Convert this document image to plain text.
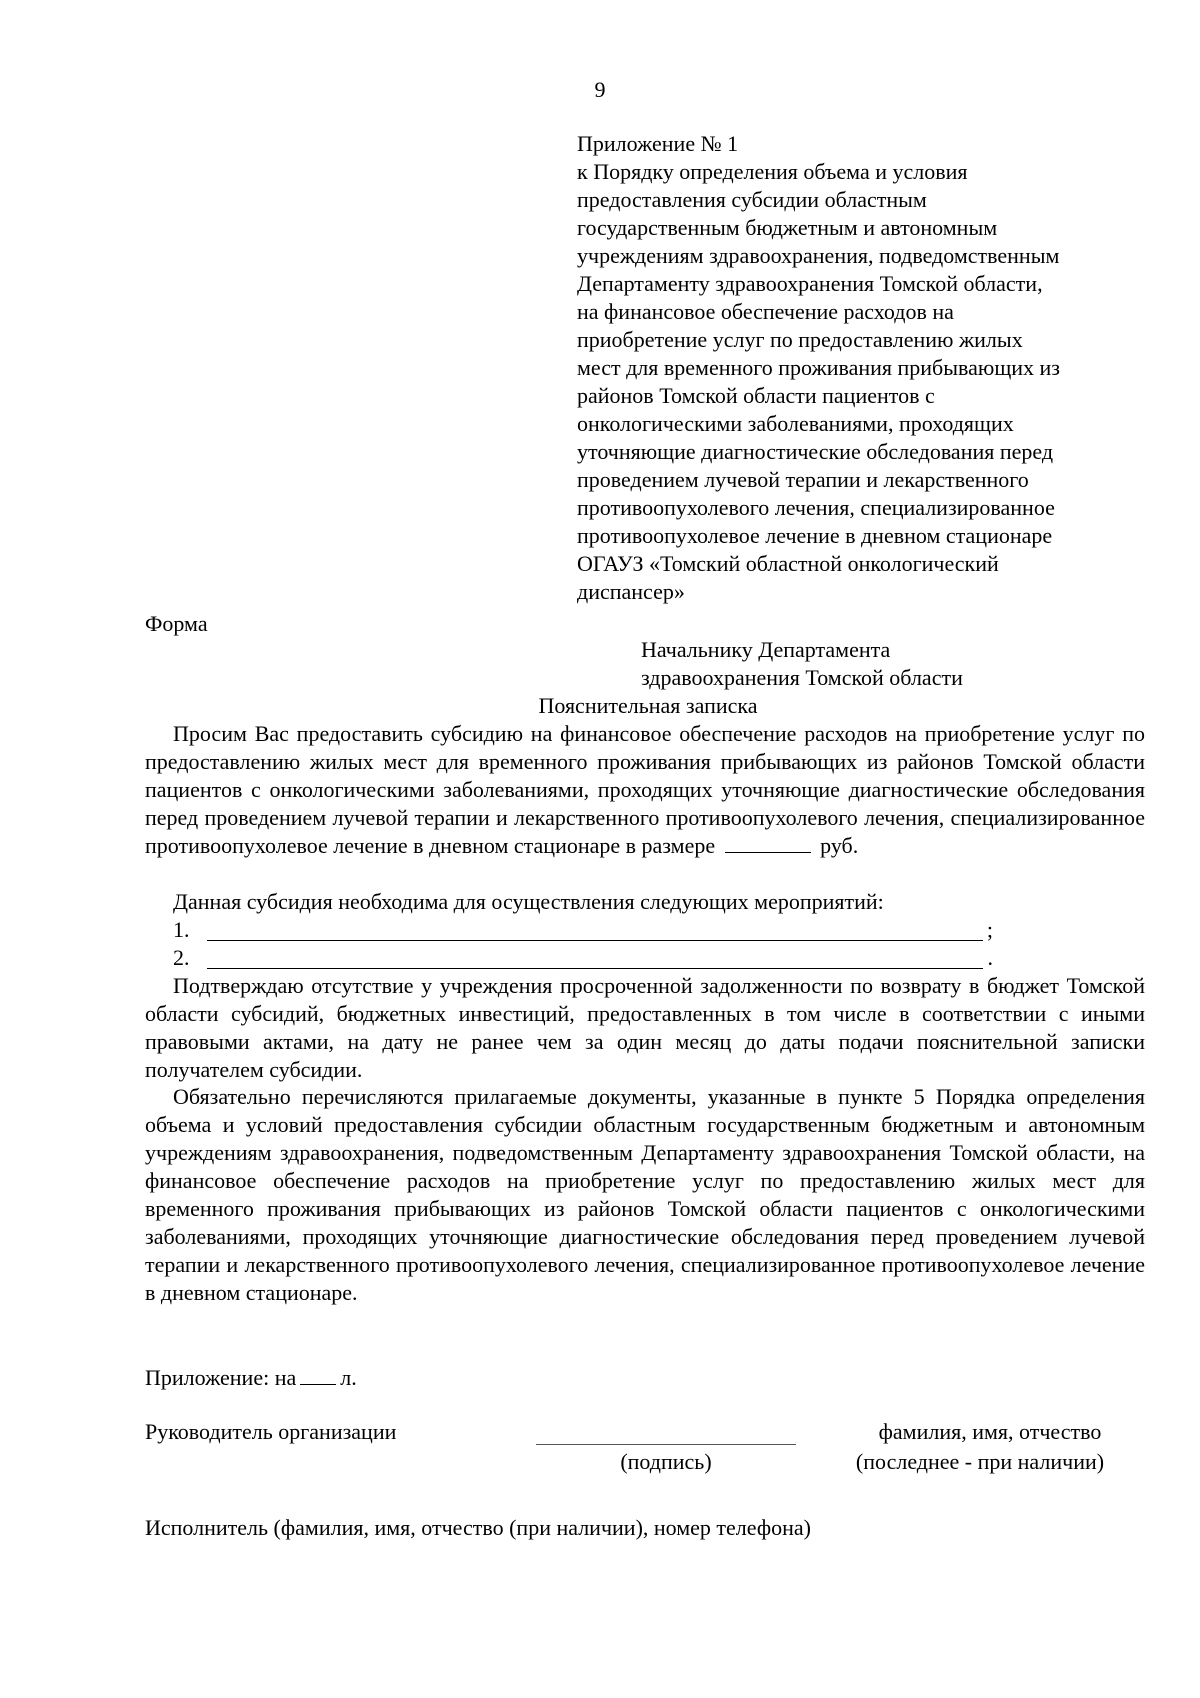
9
Приложение № 1
к Порядку определения объема и условия
предоставления субсидии областным
государственным бюджетным и автономным
учреждениям здравоохранения, подведомственным
Департаменту здравоохранения Томской области,
на финансовое обеспечение расходов на
приобретение услуг по предоставлению жилых
мест для временного проживания прибывающих из
районов Томской области пациентов с
онкологическими заболеваниями, проходящих
уточняющие диагностические обследования перед
проведением лучевой терапии и лекарственного
противоопухолевого лечения, специализированное
противоопухолевое лечение в дневном стационаре
ОГАУЗ «Томский областной онкологический
диспансер»
Форма
Начальнику Департамента
здравоохранения Томской области
Пояснительная записка
Просим Вас предоставить субсидию на финансовое обеспечение расходов на приобретение услуг по предоставлению жилых мест для временного проживания прибывающих из районов Томской области пациентов с онкологическими заболеваниями, проходящих уточняющие диагностические обследования перед проведением лучевой терапии и лекарственного противоопухолевого лечения, специализированное противоопухолевое лечение в дневном стационаре в размере	руб.
Данная субсидия необходима для осуществления следующих мероприятий:
1.	;
2.	.
Подтверждаю отсутствие у учреждения просроченной задолженности по возврату в бюджет Томской области субсидий, бюджетных инвестиций, предоставленных в том числе в соответствии с иными правовыми актами, на дату не ранее чем за один месяц до даты подачи пояснительной записки получателем субсидии.
Обязательно перечисляются прилагаемые документы, указанные в пункте 5 Порядка определения объема и условий предоставления субсидии областным государственным бюджетным и автономным учреждениям здравоохранения, подведомственным Департаменту здравоохранения Томской области, на финансовое обеспечение расходов на приобретение услуг по предоставлению жилых мест для временного проживания прибывающих из районов Томской области пациентов с онкологическими заболеваниями, проходящих уточняющие диагностические обследования перед проведением лучевой терапии и лекарственного противоопухолевого лечения, специализированное противоопухолевое лечение в дневном стационаре.
Приложение: на л.
Руководитель организации
(подпись)
фамилия, имя, отчество
(последнее - при наличии)
Исполнитель (фамилия, имя, отчество (при наличии), номер телефона)
